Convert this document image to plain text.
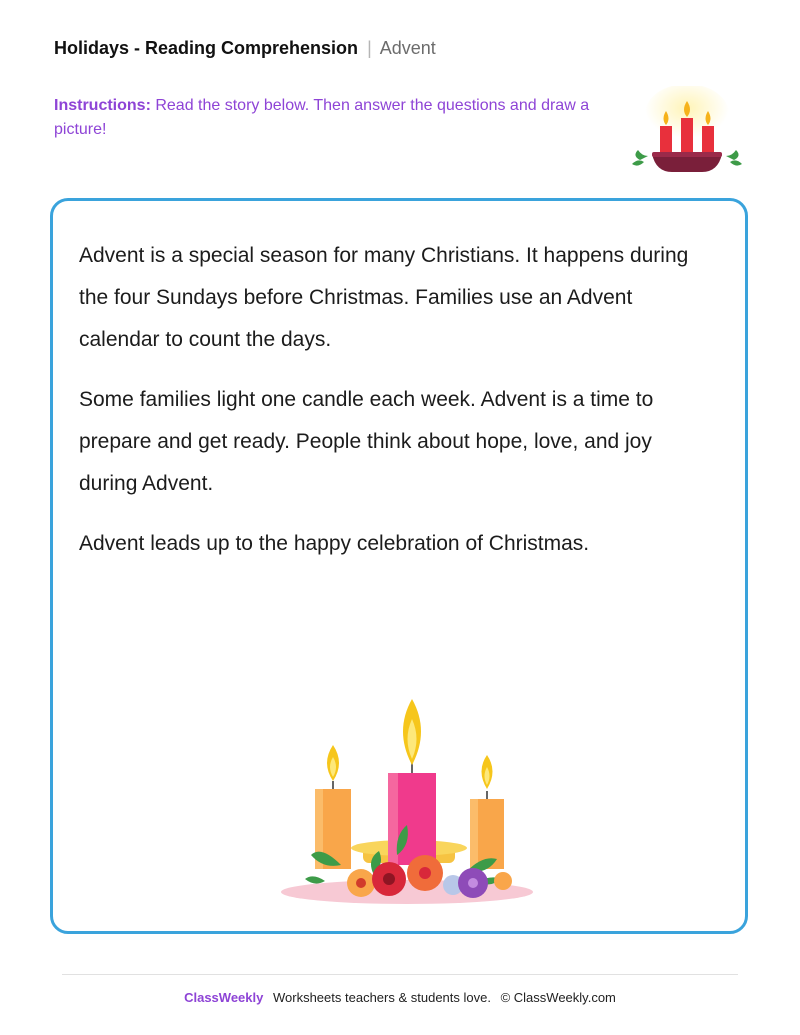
Holidays - Reading Comprehension | Advent
Instructions: Read the story below. Then answer the questions and draw a picture!

Advent is a special season for many Christians. It happens during the four Sundays before Christmas. Families use an Advent calendar to count the days.

Some families light one candle each week. Advent is a time to prepare and get ready. People think about hope, love, and joy during Advent.

Advent leads up to the happy celebration of Christmas.

ClassWeekly Worksheets teachers & students love. © ClassWeekly.com
